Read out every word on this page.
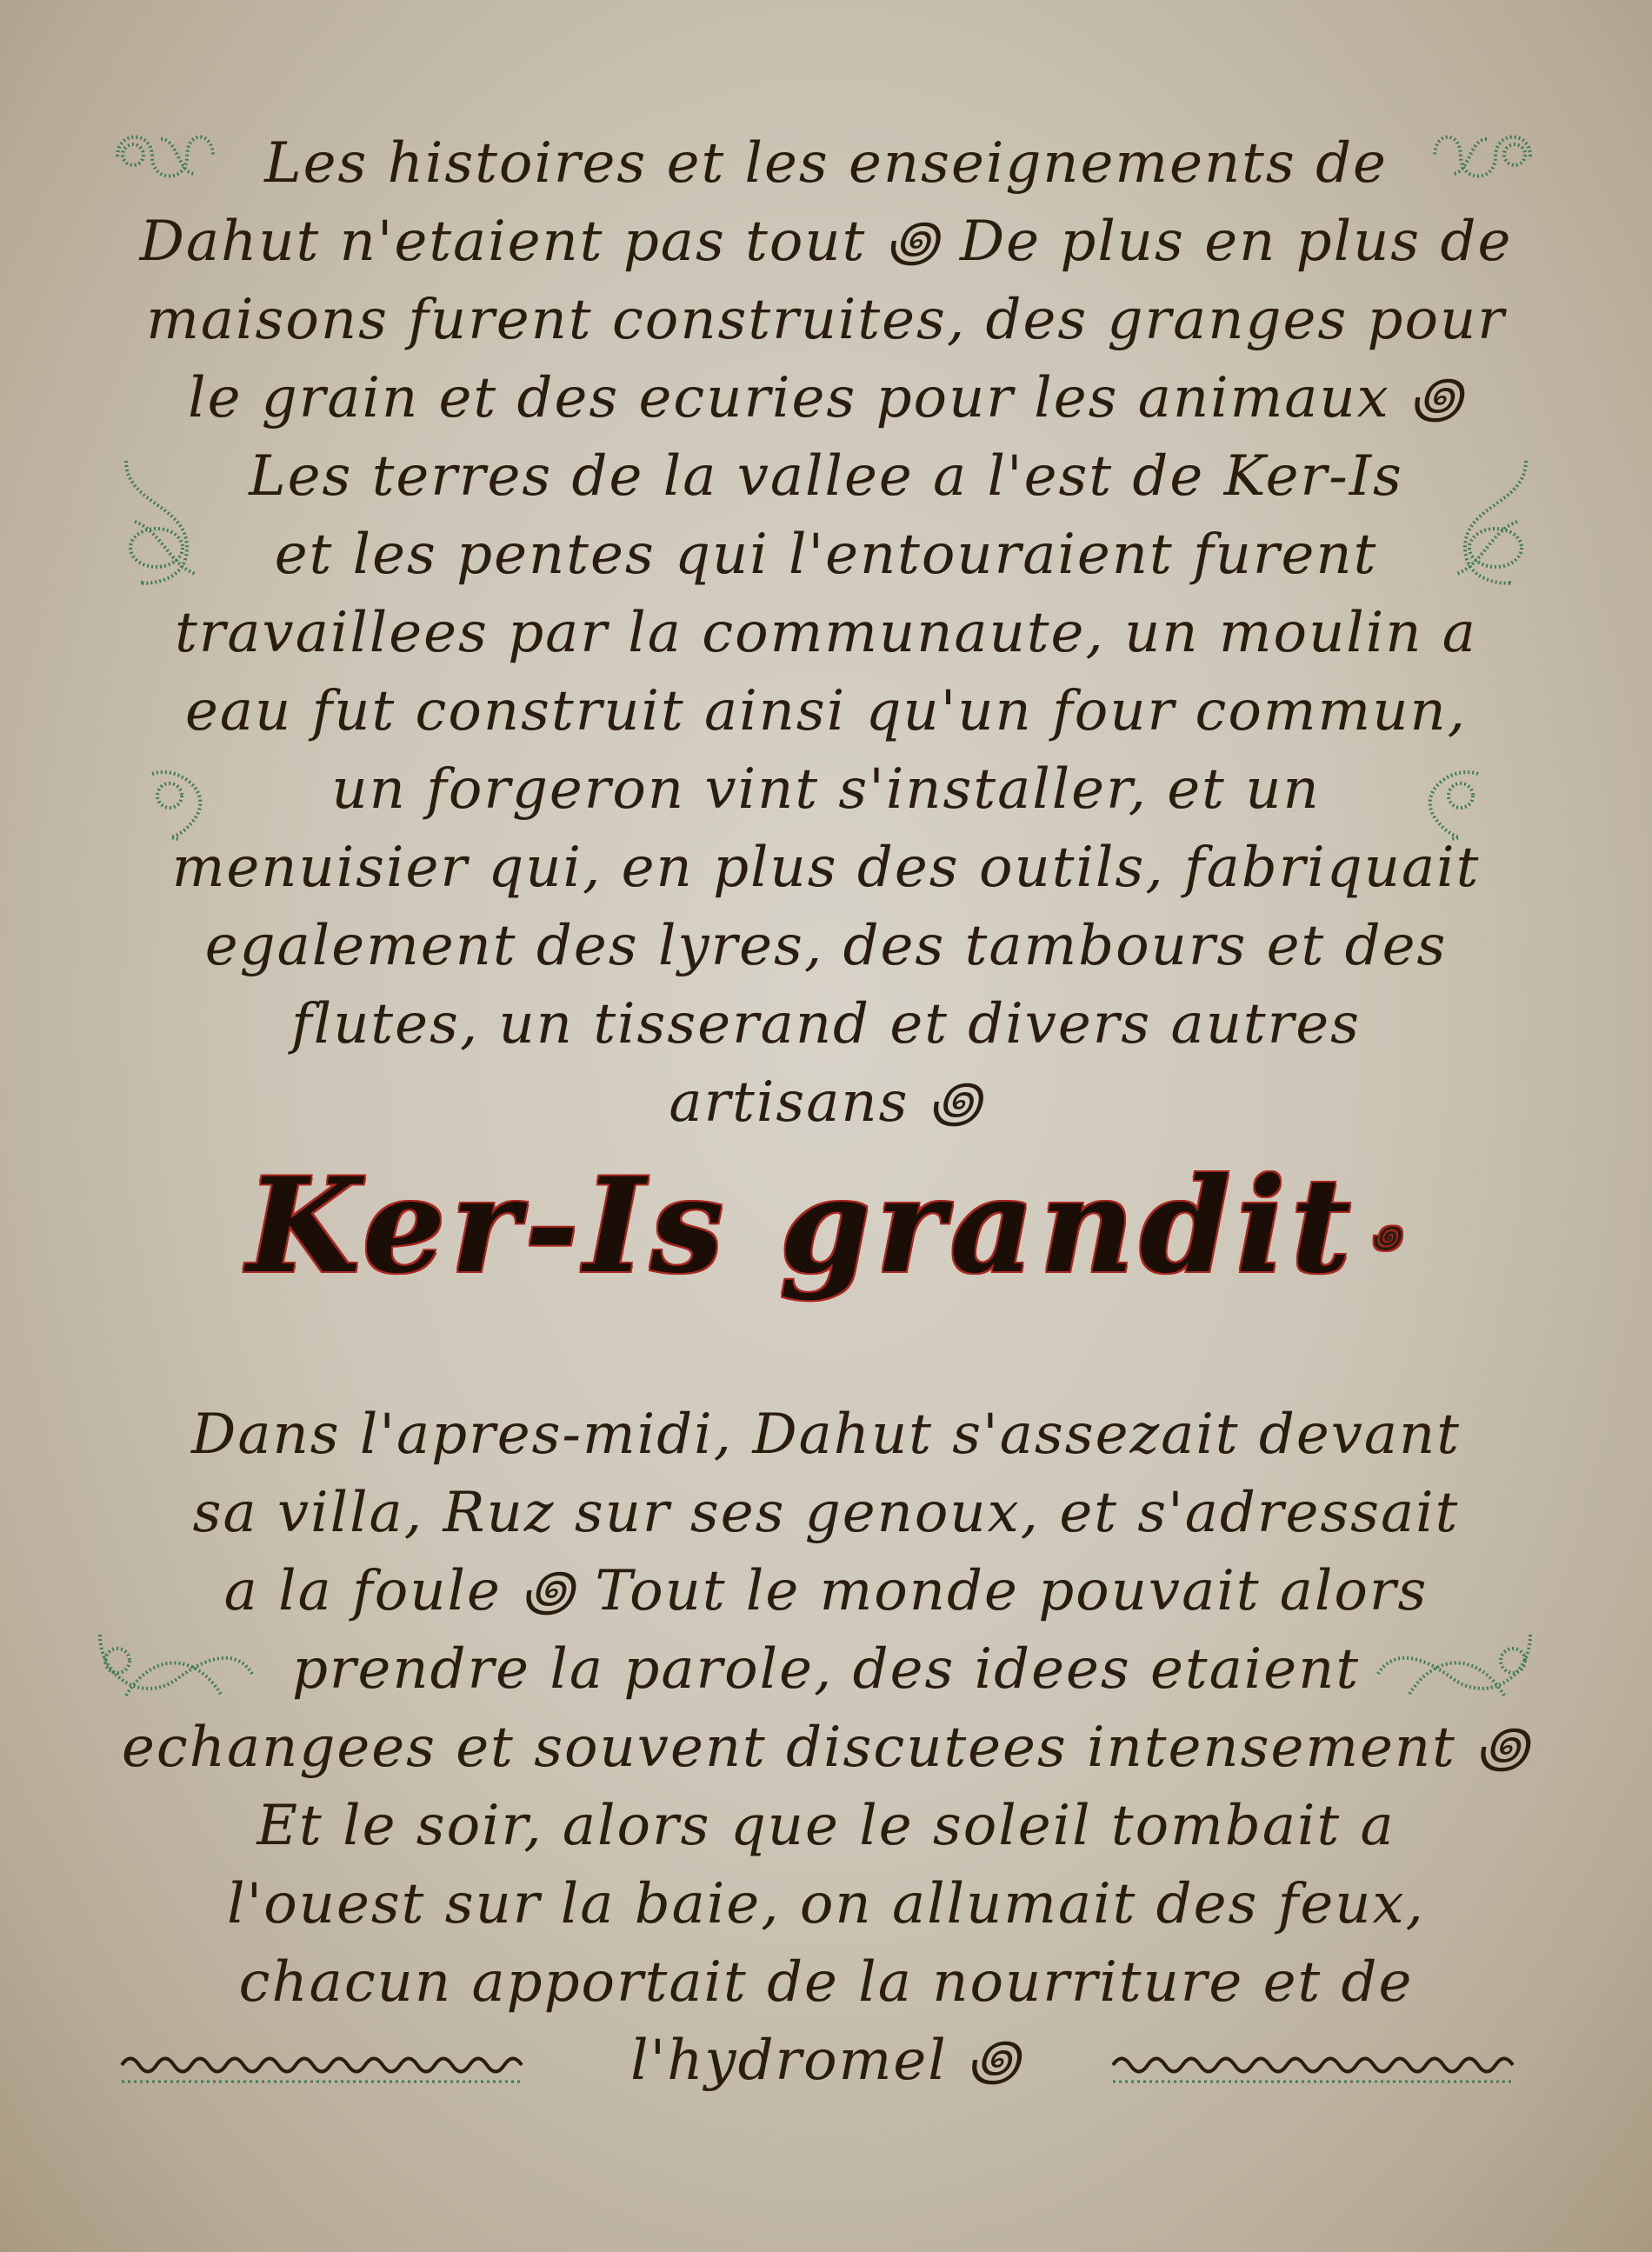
Les histoires et les enseignements de
Dahut n'etaient pas tout ꩜ De plus en plus de
maisons furent construites, des granges pour
le grain et des ecuries pour les animaux ꩜
Les terres de la vallee a l'est de Ker-Is
et les pentes qui l'entouraient furent
travaillees par la communaute, un moulin a
eau fut construit ainsi qu'un four commun,
un forgeron vint s'installer, et un
menuisier qui, en plus des outils, fabriquait
egalement des lyres, des tambours et des
flutes, un tisserand et divers autres
artisans ꩜
Ker-Is grandit ꩜
Dans l'apres-midi, Dahut s'assezait devant
sa villa, Ruz sur ses genoux, et s'adressait
a la foule ꩜ Tout le monde pouvait alors
prendre la parole, des idees etaient
echangees et souvent discutees intensement ꩜
Et le soir, alors que le soleil tombait a
l'ouest sur la baie, on allumait des feux,
chacun apportait de la nourriture et de
l'hydromel ꩜
